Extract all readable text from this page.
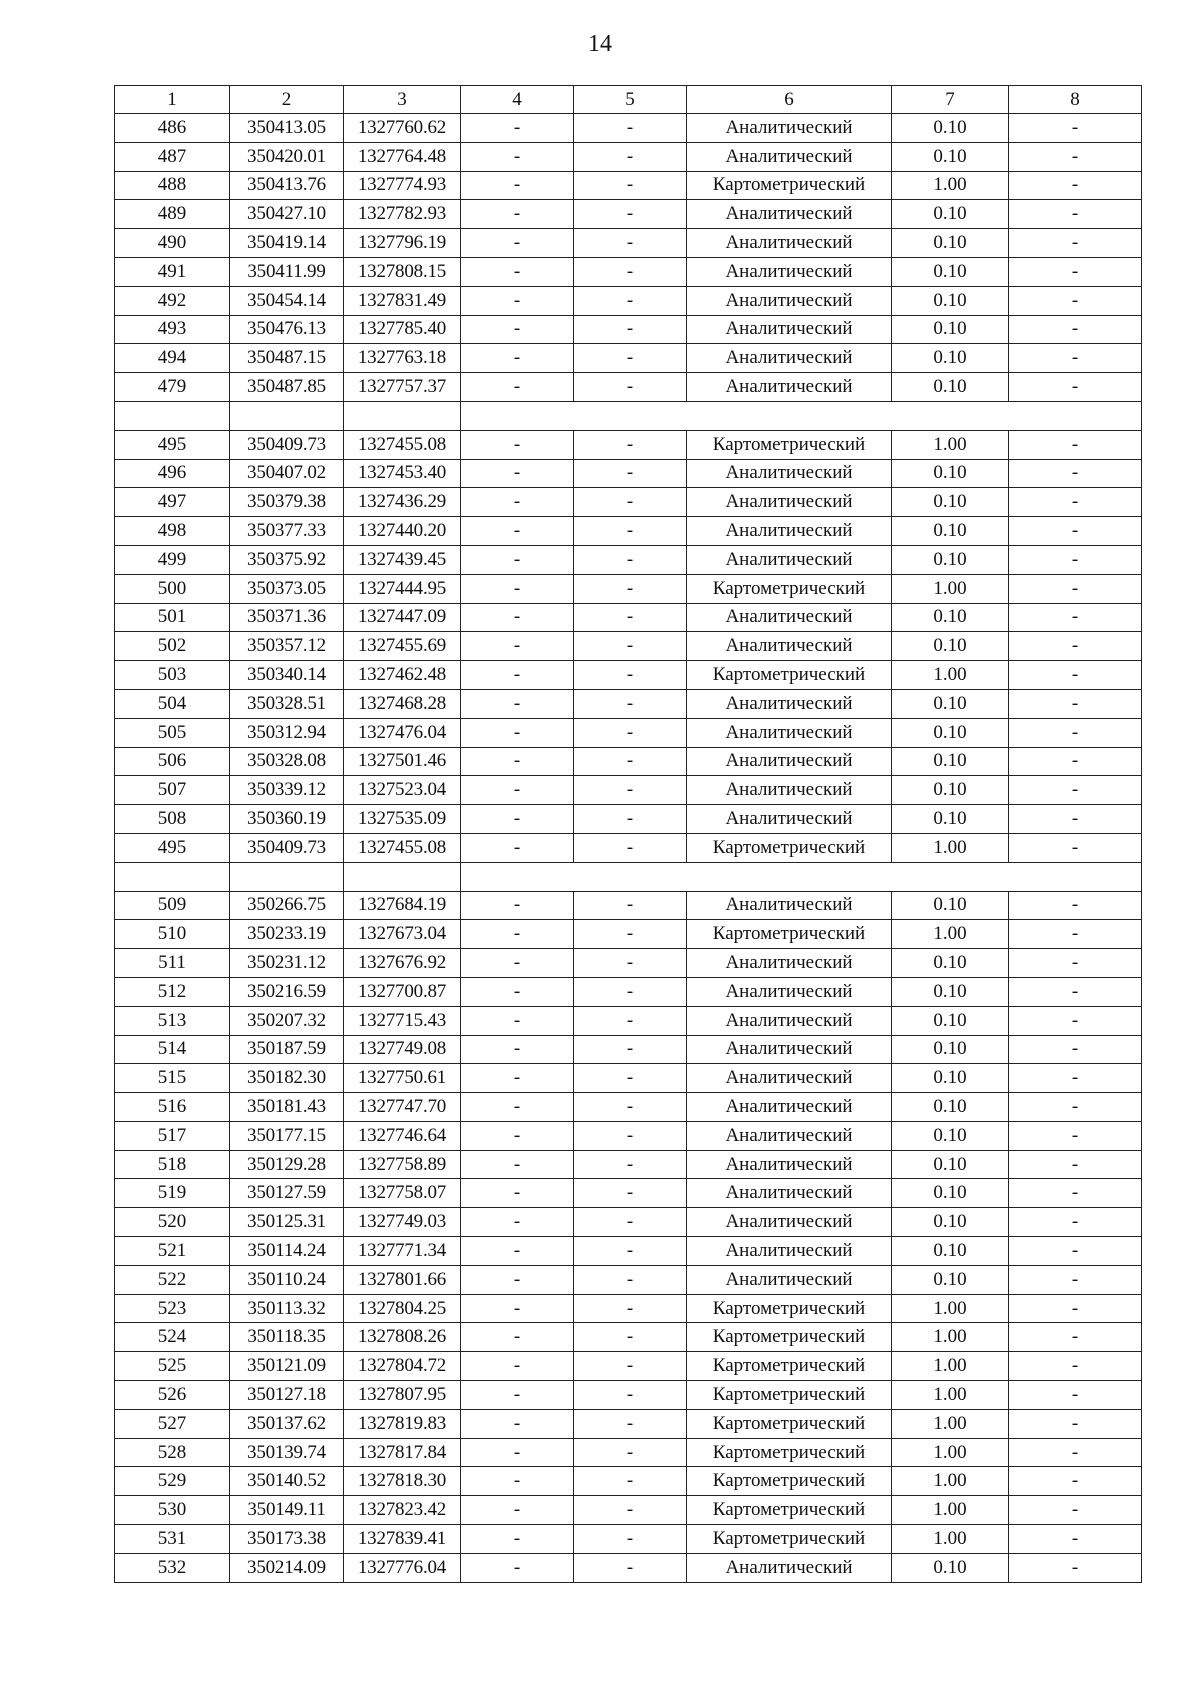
14
1	2	3	4	5	6	7	8
486	350413.05	1327760.62	-	-	Аналитический	0.10	-
487	350420.01	1327764.48	-	-	Аналитический	0.10	-
488	350413.76	1327774.93	-	-	Картометрический	1.00	-
489	350427.10	1327782.93	-	-	Аналитический	0.10	-
490	350419.14	1327796.19	-	-	Аналитический	0.10	-
491	350411.99	1327808.15	-	-	Аналитический	0.10	-
492	350454.14	1327831.49	-	-	Аналитический	0.10	-
493	350476.13	1327785.40	-	-	Аналитический	0.10	-
494	350487.15	1327763.18	-	-	Аналитический	0.10	-
479	350487.85	1327757.37	-	-	Аналитический	0.10	-

495	350409.73	1327455.08	-	-	Картометрический	1.00	-
496	350407.02	1327453.40	-	-	Аналитический	0.10	-
497	350379.38	1327436.29	-	-	Аналитический	0.10	-
498	350377.33	1327440.20	-	-	Аналитический	0.10	-
499	350375.92	1327439.45	-	-	Аналитический	0.10	-
500	350373.05	1327444.95	-	-	Картометрический	1.00	-
501	350371.36	1327447.09	-	-	Аналитический	0.10	-
502	350357.12	1327455.69	-	-	Аналитический	0.10	-
503	350340.14	1327462.48	-	-	Картометрический	1.00	-
504	350328.51	1327468.28	-	-	Аналитический	0.10	-
505	350312.94	1327476.04	-	-	Аналитический	0.10	-
506	350328.08	1327501.46	-	-	Аналитический	0.10	-
507	350339.12	1327523.04	-	-	Аналитический	0.10	-
508	350360.19	1327535.09	-	-	Аналитический	0.10	-
495	350409.73	1327455.08	-	-	Картометрический	1.00	-

509	350266.75	1327684.19	-	-	Аналитический	0.10	-
510	350233.19	1327673.04	-	-	Картометрический	1.00	-
511	350231.12	1327676.92	-	-	Аналитический	0.10	-
512	350216.59	1327700.87	-	-	Аналитический	0.10	-
513	350207.32	1327715.43	-	-	Аналитический	0.10	-
514	350187.59	1327749.08	-	-	Аналитический	0.10	-
515	350182.30	1327750.61	-	-	Аналитический	0.10	-
516	350181.43	1327747.70	-	-	Аналитический	0.10	-
517	350177.15	1327746.64	-	-	Аналитический	0.10	-
518	350129.28	1327758.89	-	-	Аналитический	0.10	-
519	350127.59	1327758.07	-	-	Аналитический	0.10	-
520	350125.31	1327749.03	-	-	Аналитический	0.10	-
521	350114.24	1327771.34	-	-	Аналитический	0.10	-
522	350110.24	1327801.66	-	-	Аналитический	0.10	-
523	350113.32	1327804.25	-	-	Картометрический	1.00	-
524	350118.35	1327808.26	-	-	Картометрический	1.00	-
525	350121.09	1327804.72	-	-	Картометрический	1.00	-
526	350127.18	1327807.95	-	-	Картометрический	1.00	-
527	350137.62	1327819.83	-	-	Картометрический	1.00	-
528	350139.74	1327817.84	-	-	Картометрический	1.00	-
529	350140.52	1327818.30	-	-	Картометрический	1.00	-
530	350149.11	1327823.42	-	-	Картометрический	1.00	-
531	350173.38	1327839.41	-	-	Картометрический	1.00	-
532	350214.09	1327776.04	-	-	Аналитический	0.10	-
